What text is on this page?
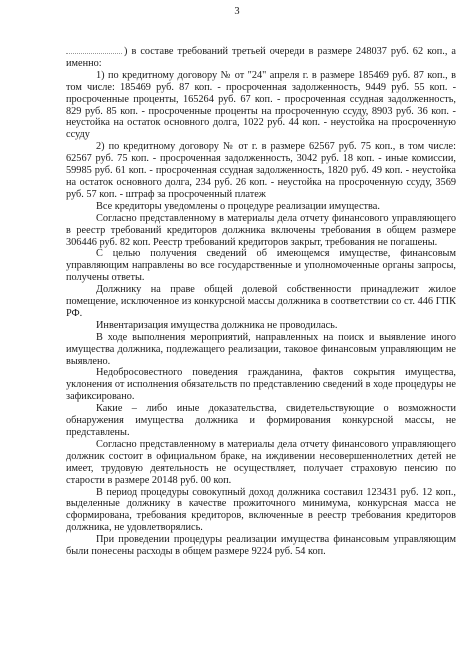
3

) в составе требований третьей очереди в размере 248037 руб. 62 коп., а именно:

1) по кредитному договору № от "24" апреля г. в размере 185469 руб. 87 коп., в том числе: 185469 руб. 87 коп. - просроченная задолженность, 9449 руб. 55 коп. - просроченные проценты, 165264 руб. 67 коп. - просроченная ссудная задолженность, 829 руб. 85 коп. - просроченные проценты на просроченную ссуду, 8903 руб. 36 коп. - неустойка на остаток основного долга, 1022 руб. 44 коп. - неустойка на просроченную ссуду

2) по кредитному договору № от г. в размере 62567 руб. 75 коп., в том числе: 62567 руб. 75 коп. - просроченная задолженность, 3042 руб. 18 коп. - иные комиссии, 59985 руб. 61 коп. - просроченная ссудная задолженность, 1820 руб. 49 коп. - неустойка на остаток основного долга, 234 руб. 26 коп. - неустойка на просроченную ссуду, 3569 руб. 57 коп. - штраф за просроченный платеж

Все кредиторы уведомлены о процедуре реализации имущества.

Согласно представленному в материалы дела отчету финансового управляющего в реестр требований кредиторов должника включены требования в общем размере 306446 руб. 82 коп. Реестр требований кредиторов закрыт, требования не погашены.

С целью получения сведений об имеющемся имуществе, финансовым управляющим направлены во все государственные и уполномоченные органы запросы, получены ответы.

Должнику на праве общей долевой собственности принадлежит жилое помещение, исключенное из конкурсной массы должника в соответствии со ст. 446 ГПК РФ.

Инвентаризация имущества должника не проводилась.

В ходе выполнения мероприятий, направленных на поиск и выявление иного имущества должника, подлежащего реализации, таковое финансовым управляющим не выявлено.

Недобросовестного поведения гражданина, фактов сокрытия имущества, уклонения от исполнения обязательств по представлению сведений в ходе процедуры не зафиксировано.

Какие – либо иные доказательства, свидетельствующие о возможности обнаружения имущества должника и формирования конкурсной массы, не представлены.

Согласно представленному в материалы дела отчету финансового управляющего должник состоит в официальном браке, на иждивении несовершеннолетних детей не имеет, трудовую деятельность не осуществляет, получает страховую пенсию по старости в размере 20148 руб. 00 коп.

В период процедуры совокупный доход должника составил 123431 руб. 12 коп., выделенные должнику в качестве прожиточного минимума, конкурсная масса не сформирована, требования кредиторов, включенные в реестр требования кредиторов должника, не удовлетворялись.

При проведении процедуры реализации имущества финансовым управляющим были понесены расходы в общем размере 9224 руб. 54 коп.
